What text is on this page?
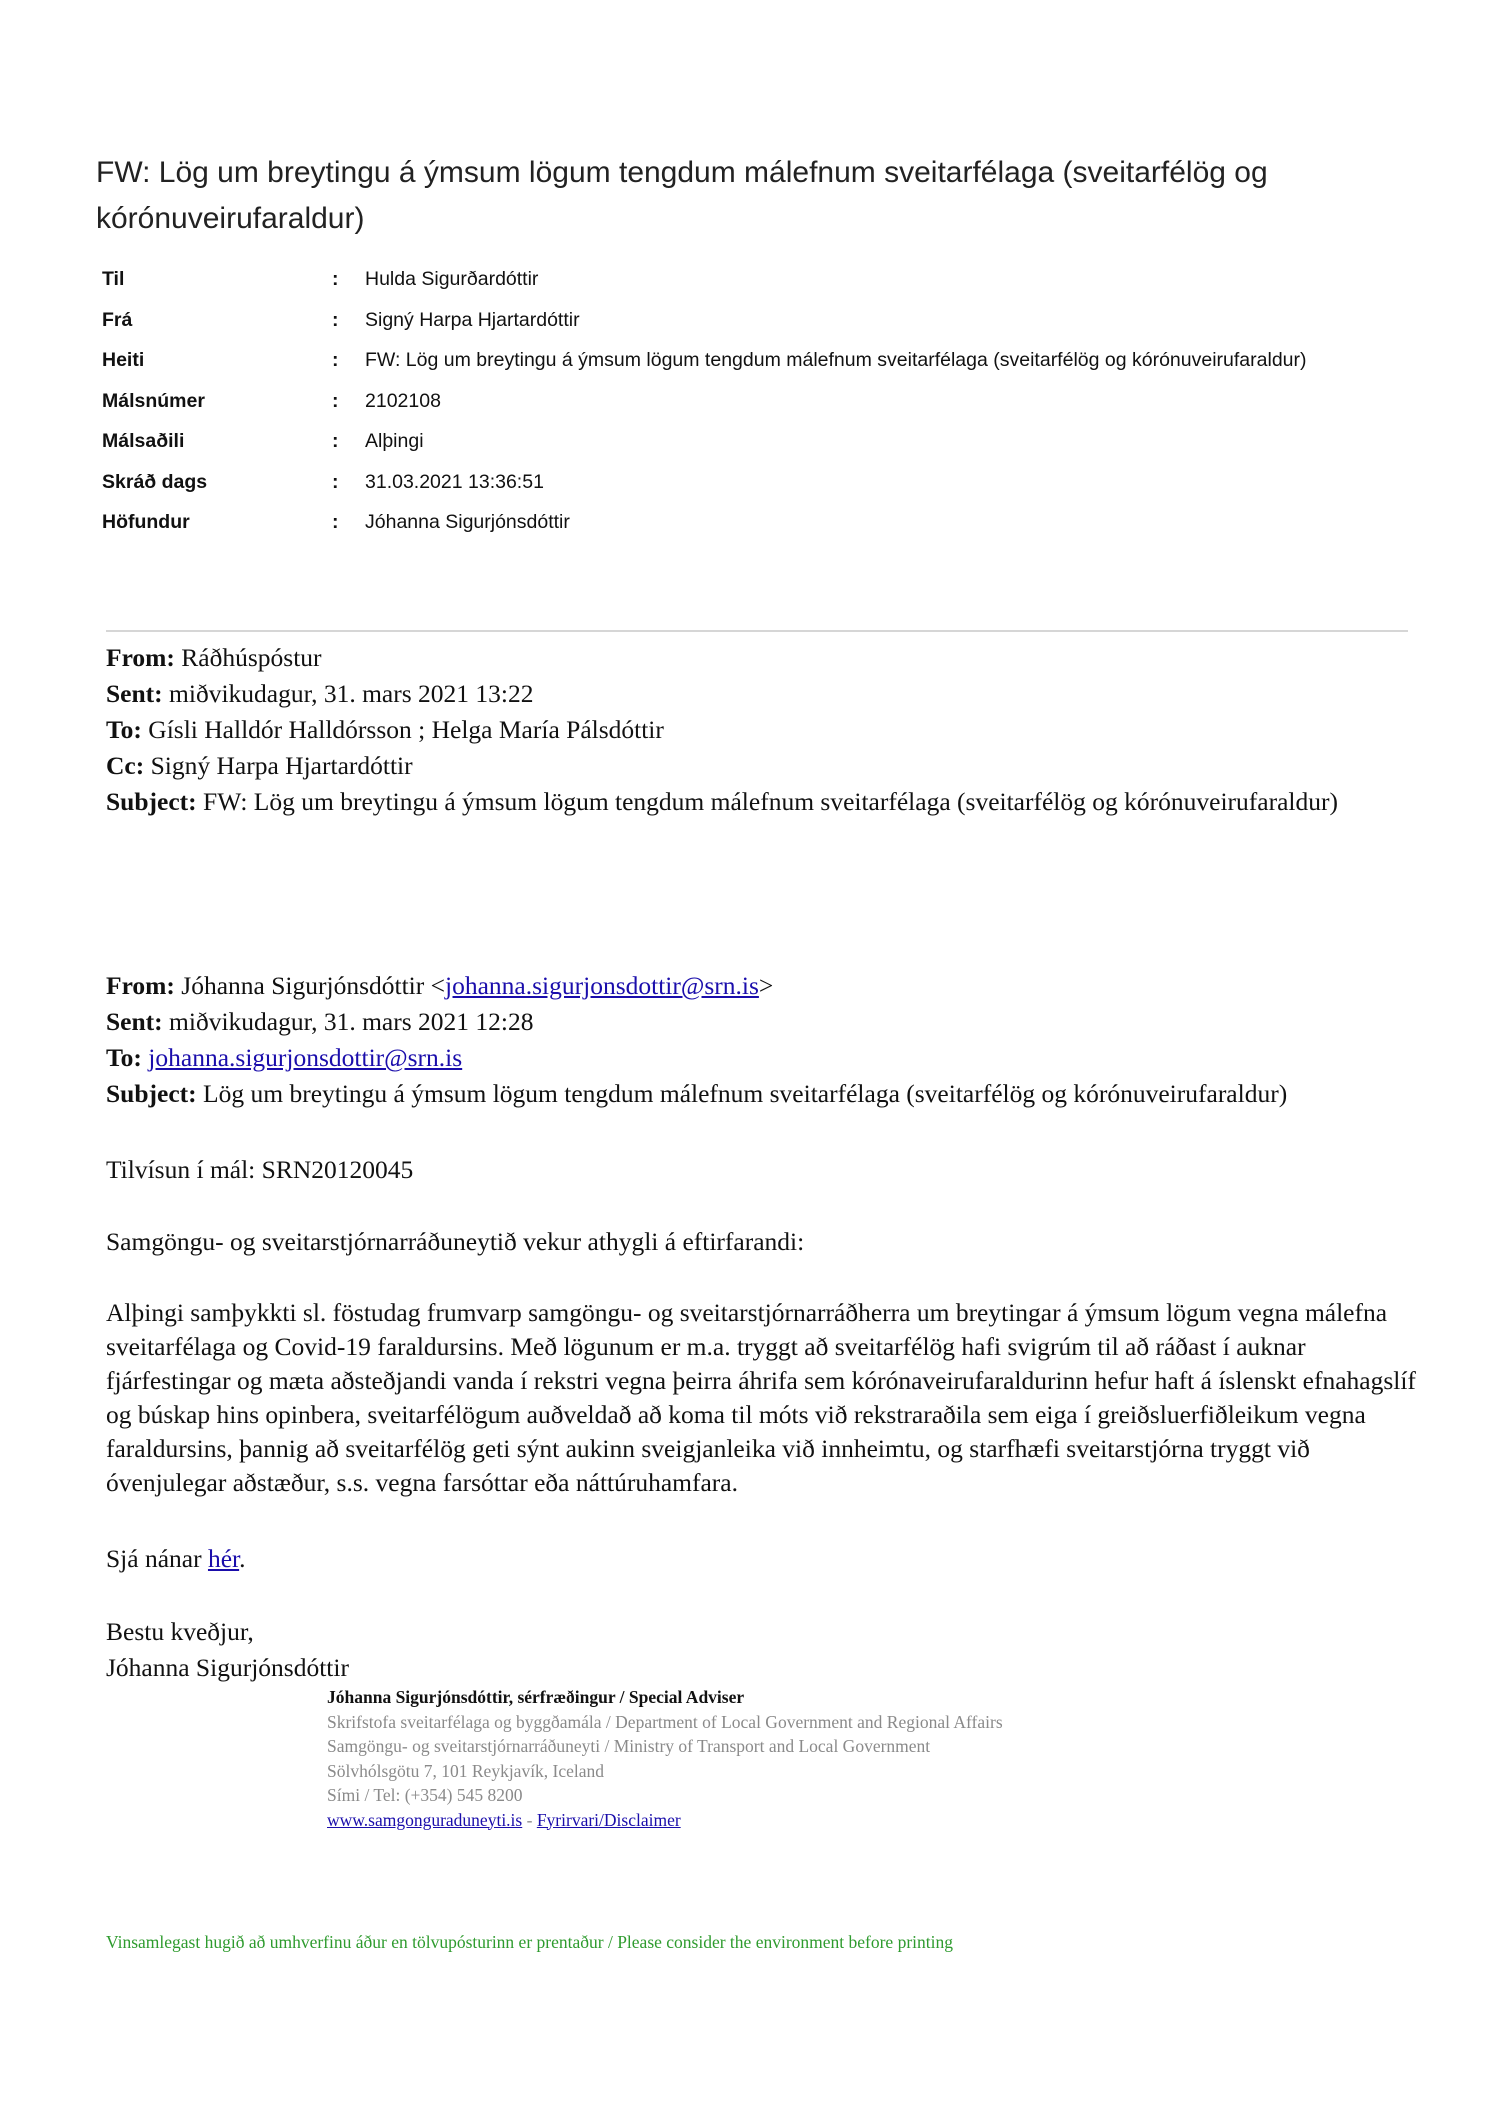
FW: Lög um breytingu á ýmsum lögum tengdum málefnum sveitarfélaga (sveitarfélög og kórónuveirufaraldur)
Til	: Hulda Sigurðardóttir
Frá	: Signý Harpa Hjartardóttir
Heiti	: FW: Lög um breytingu á ýmsum lögum tengdum málefnum sveitarfélaga (sveitarfélög og kórónuveirufaraldur)
Málsnúmer	: 2102108
Málsaðili	: Alþingi
Skráð dags	: 31.03.2021 13:36:51
Höfundur	: Jóhanna Sigurjónsdóttir
From: Ráðhúspóstur
Sent: miðvikudagur, 31. mars 2021 13:22
To: Gísli Halldór Halldórsson ; Helga María Pálsdóttir
Cc: Signý Harpa Hjartardóttir
Subject: FW: Lög um breytingu á ýmsum lögum tengdum málefnum sveitarfélaga (sveitarfélög og kórónuveirufaraldur)
From: Jóhanna Sigurjónsdóttir <johanna.sigurjonsdottir@srn.is>
Sent: miðvikudagur, 31. mars 2021 12:28
To: johanna.sigurjonsdottir@srn.is
Subject: Lög um breytingu á ýmsum lögum tengdum málefnum sveitarfélaga (sveitarfélög og kórónuveirufaraldur)
Tilvísun í mál: SRN20120045
Samgöngu- og sveitarstjórnarráðuneytið vekur athygli á eftirfarandi:
Alþingi samþykkti sl. föstudag frumvarp samgöngu- og sveitarstjórnarráðherra um breytingar á ýmsum lögum vegna málefna sveitarfélaga og Covid-19 faraldursins. Með lögunum er m.a. tryggt að sveitarfélög hafi svigrúm til að ráðast í auknar fjárfestingar og mæta aðsteðjandi vanda í rekstri vegna þeirra áhrifa sem kórónaveirufaraldurinn hefur haft á íslenskt efnahagslíf og búskap hins opinbera, sveitarfélögum auðveldað að koma til móts við rekstraraðila sem eiga í greiðsluerfiðleikum vegna faraldursins, þannig að sveitarfélög geti sýnt aukinn sveigjanleika við innheimtu, og starfhæfi sveitarstjórna tryggt við óvenjulegar aðstæður, s.s. vegna farsóttar eða náttúruhamfara.
Sjá nánar hér.
Bestu kveðjur,
Jóhanna Sigurjónsdóttir
Jóhanna Sigurjónsdóttir, sérfræðingur / Special Adviser
Skrifstofa sveitarfélaga og byggðamála / Department of Local Government and Regional Affairs
Samgöngu- og sveitarstjórnarráðuneyti / Ministry of Transport and Local Government
Sölvhólsgötu 7, 101 Reykjavík, Iceland
Sími / Tel: (+354) 545 8200
www.samgonguraduneyti.is - Fyrirvari/Disclaimer
Vinsamlegast hugið að umhverfinu áður en tölvupósturinn er prentaður / Please consider the environment before printing
